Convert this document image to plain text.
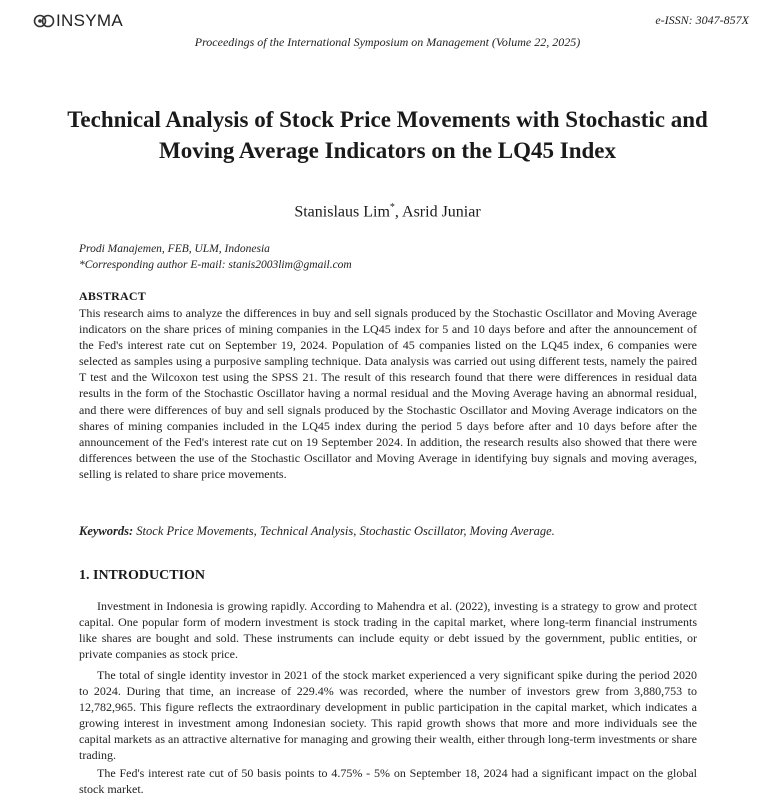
INSYMA	e-ISSN: 3047-857X
Proceedings of the International Symposium on Management (Volume 22, 2025)
Technical Analysis of Stock Price Movements with Stochastic and Moving Average Indicators on the LQ45 Index
Stanislaus Lim*, Asrid Juniar
Prodi Manajemen, FEB, ULM, Indonesia
*Corresponding author E-mail: stanis2003lim@gmail.com
ABSTRACT
This research aims to analyze the differences in buy and sell signals produced by the Stochastic Oscillator and Moving Average indicators on the share prices of mining companies in the LQ45 index for 5 and 10 days before and after the announcement of the Fed's interest rate cut on September 19, 2024. Population of 45 companies listed on the LQ45 index, 6 companies were selected as samples using a purposive sampling technique. Data analysis was carried out using different tests, namely the paired T test and the Wilcoxon test using the SPSS 21. The result of this research found that there were differences in residual data results in the form of the Stochastic Oscillator having a normal residual and the Moving Average having an abnormal residual, and there were differences of buy and sell signals produced by the Stochastic Oscillator and Moving Average indicators on the shares of mining companies included in the LQ45 index during the period 5 days before after and 10 days before after the announcement of the Fed's interest rate cut on 19 September 2024. In addition, the research results also showed that there were differences between the use of the Stochastic Oscillator and Moving Average in identifying buy signals and moving averages, selling is related to share price movements.
Keywords: Stock Price Movements, Technical Analysis, Stochastic Oscillator, Moving Average.
1. INTRODUCTION
Investment in Indonesia is growing rapidly. According to Mahendra et al. (2022), investing is a strategy to grow and protect capital. One popular form of modern investment is stock trading in the capital market, where long-term financial instruments like shares are bought and sold. These instruments can include equity or debt issued by the government, public entities, or private companies as stock price.
The total of single identity investor in 2021 of the stock market experienced a very significant spike during the period 2020 to 2024. During that time, an increase of 229.4% was recorded, where the number of investors grew from 3,880,753 to 12,782,965. This figure reflects the extraordinary development in public participation in the capital market, which indicates a growing interest in investment among Indonesian society. This rapid growth shows that more and more individuals see the capital markets as an attractive alternative for managing and growing their wealth, either through long-term investments or share trading.
The Fed's interest rate cut of 50 basis points to 4.75% - 5% on September 18, 2024 had a significant impact on the global stock market.
